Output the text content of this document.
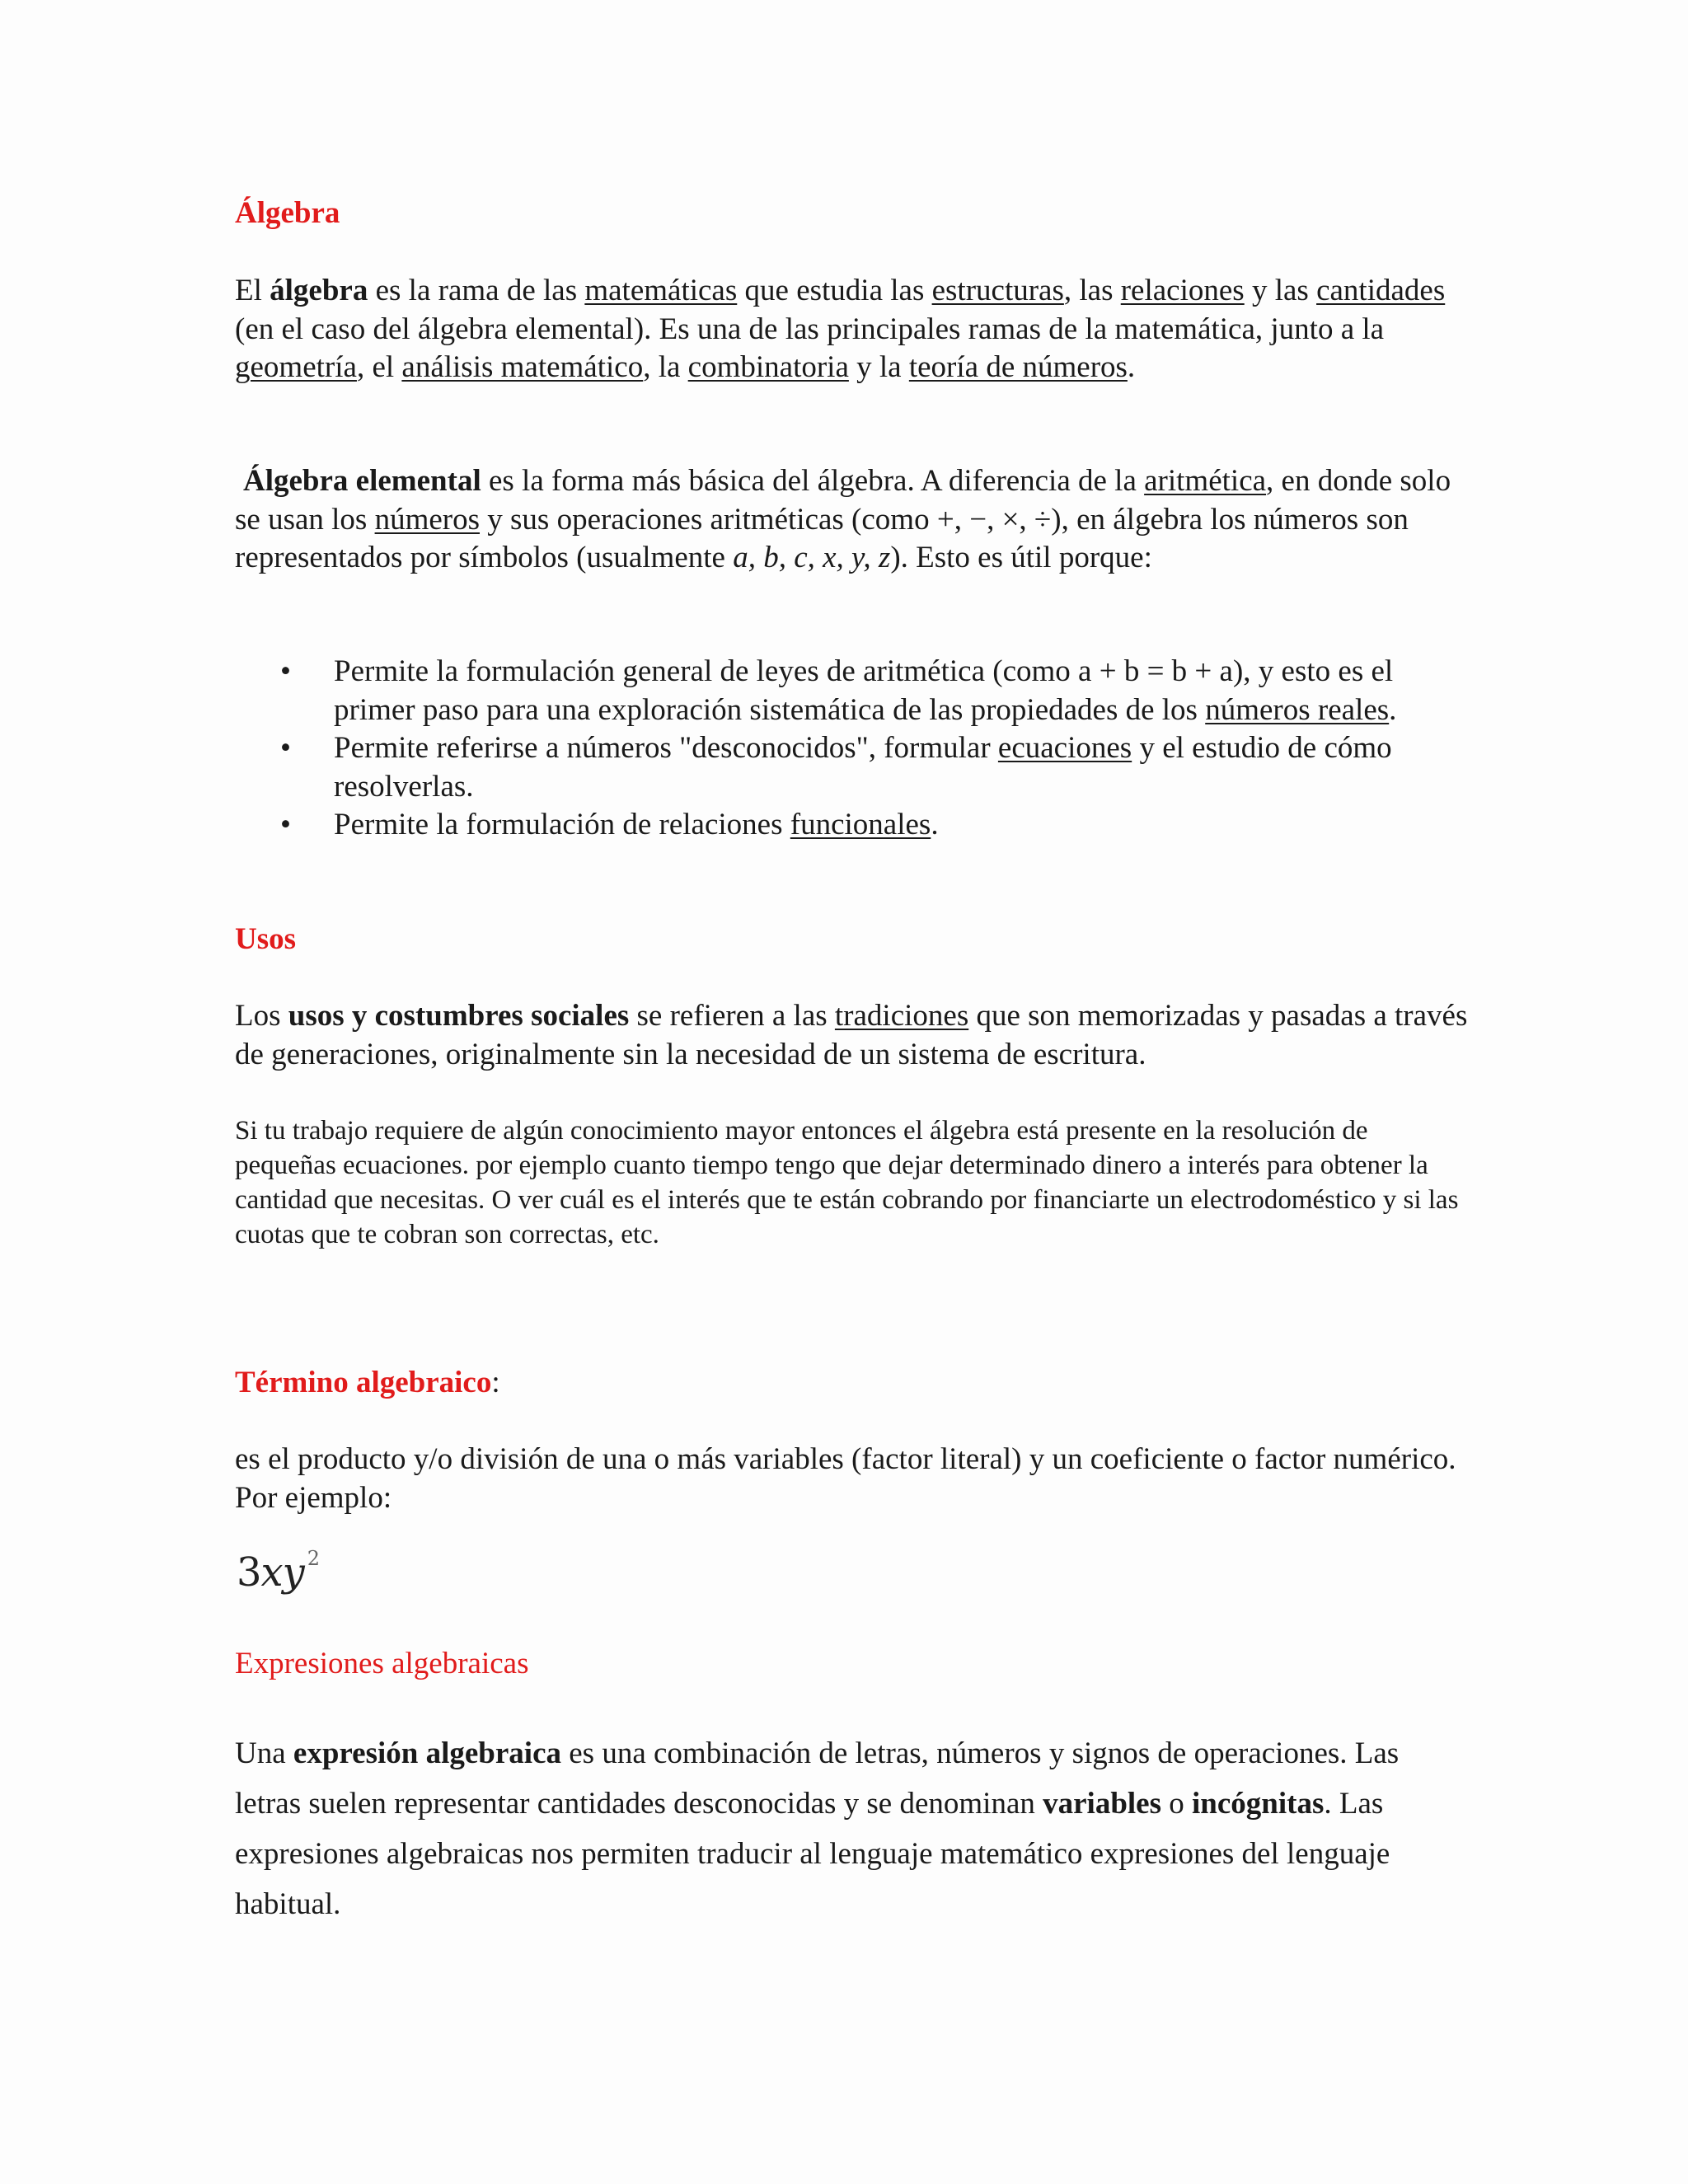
Álgebra
El álgebra es la rama de las matemáticas que estudia las estructuras, las relaciones y las cantidades (en el caso del álgebra elemental). Es una de las principales ramas de la matemática, junto a la geometría, el análisis matemático, la combinatoria y la teoría de números.
Álgebra elemental es la forma más básica del álgebra. A diferencia de la aritmética, en donde solo se usan los números y sus operaciones aritméticas (como +, −, ×, ÷), en álgebra los números son representados por símbolos (usualmente a, b, c, x, y, z). Esto es útil porque:
• Permite la formulación general de leyes de aritmética (como a + b = b + a), y esto es el primer paso para una exploración sistemática de las propiedades de los números reales.
• Permite referirse a números "desconocidos", formular ecuaciones y el estudio de cómo resolverlas.
• Permite la formulación de relaciones funcionales.
Usos
Los usos y costumbres sociales se refieren a las tradiciones que son memorizadas y pasadas a través de generaciones, originalmente sin la necesidad de un sistema de escritura.
Si tu trabajo requiere de algún conocimiento mayor entonces el álgebra está presente en la resolución de pequeñas ecuaciones. por ejemplo cuanto tiempo tengo que dejar determinado dinero a interés para obtener la cantidad que necesitas. O ver cuál es el interés que te están cobrando por financiarte un electrodoméstico y si las cuotas que te cobran son correctas, etc.
Término algebraico:
es el producto y/o división de una o más variables (factor literal) y un coeficiente o factor numérico. Por ejemplo:
3xy $^2$
Expresiones algebraicas
Una expresión algebraica es una combinación de letras, números y signos de operaciones. Las letras suelen representar cantidades desconocidas y se denominan variables o incógnitas. Las expresiones algebraicas nos permiten traducir al lenguaje matemático expresiones del lenguaje habitual.
